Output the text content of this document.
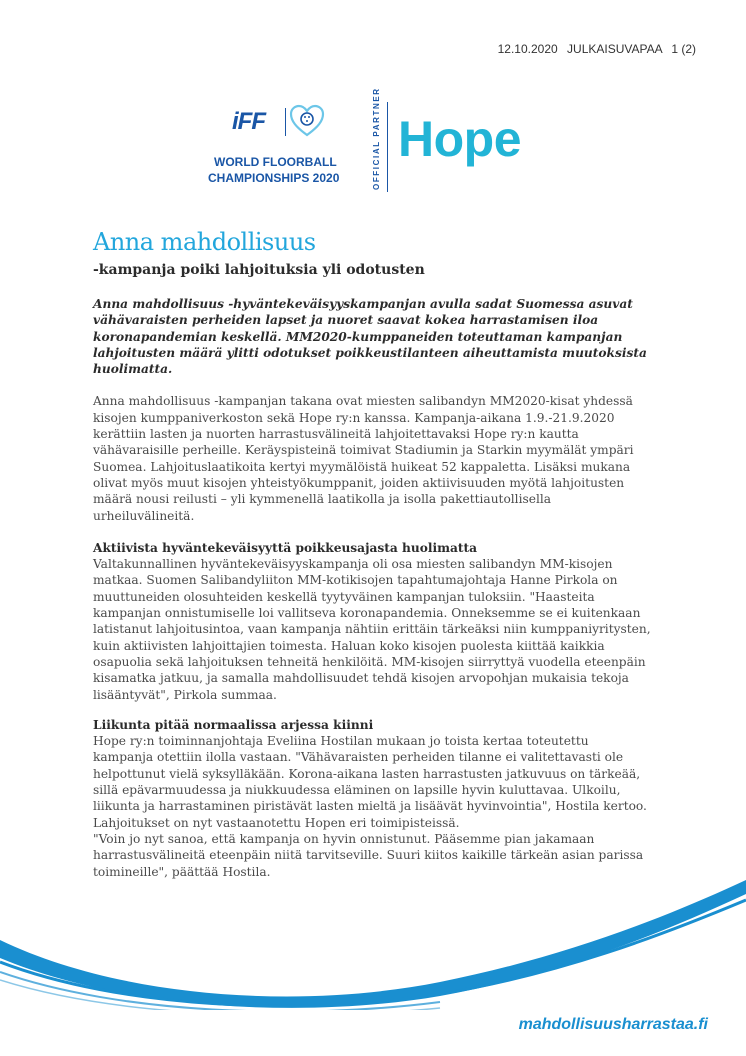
12.10.2020 JULKAISUVAPAA 1 (2)
iFF
WORLD FLOORBALL
CHAMPIONSHIPS 2020	OFFICIAL PARTNER Hope
Anna mahdollisuus
-kampanja poiki lahjoituksia yli odotusten

Anna mahdollisuus -hyväntekeväisyyskampanjan avulla sadat Suomessa asuvat vähävaraisten perheiden lapset ja nuoret saavat kokea harrastamisen iloa koronapandemian keskellä. MM2020-kumppaneiden toteuttaman kampanjan lahjoitusten määrä ylitti odotukset poikkeustilanteen aiheuttamista muutoksista huolimatta.

Anna mahdollisuus -kampanjan takana ovat miesten salibandyn MM2020-kisat yhdessä kisojen kumppaniverkoston sekä Hope ry:n kanssa. Kampanja-aikana 1.9.-21.9.2020 kerättiin lasten ja nuorten harrastusvälineitä lahjoitettavaksi Hope ry:n kautta vähävaraisille perheille. Keräyspisteinä toimivat Stadiumin ja Starkin myymälät ympäri Suomea. Lahjoituslaatikoita kertyi myymälöistä huikeat 52 kappaletta. Lisäksi mukana olivat myös muut kisojen yhteistyökumppanit, joiden aktiivisuuden myötä lahjoitusten määrä nousi reilusti – yli kymmenellä laatikolla ja isolla pakettiautollisella urheiluvälineitä.

Aktiivista hyväntekeväisyyttä poikkeusajasta huolimatta

Valtakunnallinen hyväntekeväisyyskampanja oli osa miesten salibandyn MM-kisojen matkaa. Suomen Salibandyliiton MM-kotikisojen tapahtumajohtaja Hanne Pirkola on muuttuneiden olosuhteiden keskellä tyytyväinen kampanjan tuloksiin. "Haasteita kampanjan onnistumiselle loi vallitseva koronapandemia. Onneksemme se ei kuitenkaan latistanut lahjoitusintoa, vaan kampanja nähtiin erittäin tärkeäksi niin kumppaniyritysten, kuin aktiivisten lahjoittajien toimesta. Haluan koko kisojen puolesta kiittää kaikkia osapuolia sekä lahjoituksen tehneitä henkilöitä. MM-kisojen siirryttyä vuodella eteenpäin kisamatka jatkuu, ja samalla mahdollisuudet tehdä kisojen arvopohjan mukaisia tekoja lisääntyvät", Pirkola summaa.

Liikunta pitää normaalissa arjessa kiinni

Hope ry:n toiminnanjohtaja Eveliina Hostilan mukaan jo toista kertaa toteutettu kampanja otettiin ilolla vastaan. "Vähävaraisten perheiden tilanne ei valitettavasti ole helpottunut vielä syksylläkään. Korona-aikana lasten harrastusten jatkuvuus on tärkeää, sillä epävarmuudessa ja niukkuudessa eläminen on lapsille hyvin kuluttavaa. Ulkoilu, liikunta ja harrastaminen piristävät lasten mieltä ja lisäävät hyvinvointia", Hostila kertoo. Lahjoitukset on nyt vastaanotettu Hopen eri toimipisteissä.

"Voin jo nyt sanoa, että kampanja on hyvin onnistunut. Pääsemme pian jakamaan harrastusvälineitä eteenpäin niitä tarvitseville. Suuri kiitos kaikille tärkeän asian parissa toimineille", päättää Hostila.

mahdollisuusharrastaa.fi
